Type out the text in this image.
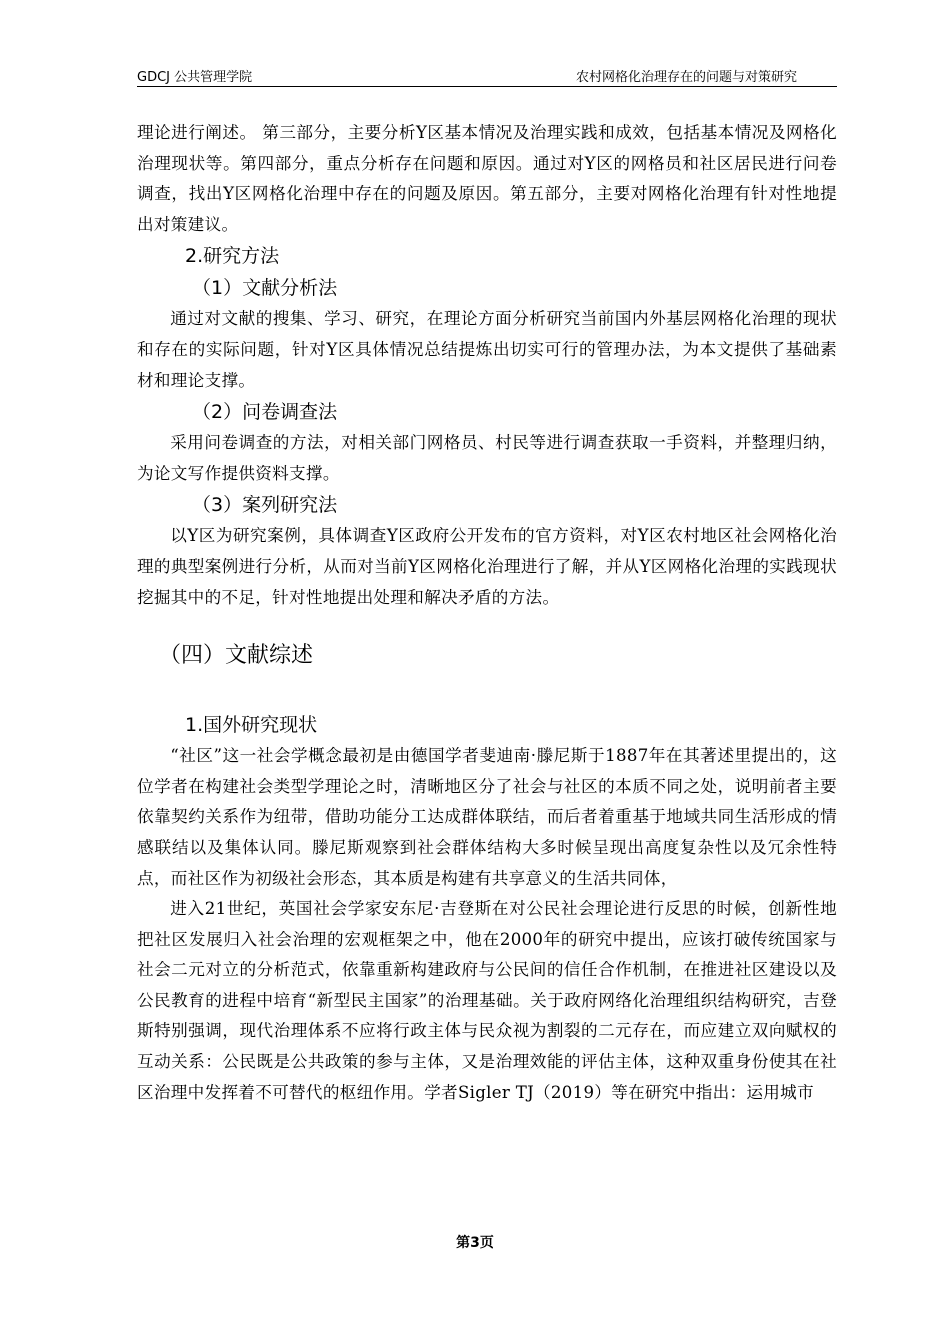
GDCJ 公共管理学院	农村网格化治理存在的问题与对策研究

理论进行阐述。 第三部分，主要分析Y区基本情况及治理实践和成效，包括基本情况及网格化治理现状等。第四部分，重点分析存在问题和原因。通过对Y区的网格员和社区居民进行问卷调查，找出Y区网格化治理中存在的问题及原因。第五部分，主要对网格化治理有针对性地提出对策建议。

2.研究方法

（1）文献分析法

通过对文献的搜集、学习、研究，在理论方面分析研究当前国内外基层网格化治理的现状和存在的实际问题，针对Y区具体情况总结提炼出切实可行的管理办法，为本文提供了基础素材和理论支撑。

（2）问卷调查法

采用问卷调查的方法，对相关部门网格员、村民等进行调查获取一手资料，并整理归纳，为论文写作提供资料支撑。

（3）案列研究法

以Y区为研究案例，具体调查Y区政府公开发布的官方资料，对Y区农村地区社会网格化治理的典型案例进行分析，从而对当前Y区网格化治理进行了解，并从Y区网格化治理的实践现状挖掘其中的不足，针对性地提出处理和解决矛盾的方法。

（四）文献综述

1.国外研究现状

“社区”这一社会学概念最初是由德国学者斐迪南·滕尼斯于1887年在其著述里提出的，这位学者在构建社会类型学理论之时，清晰地区分了社会与社区的本质不同之处，说明前者主要依靠契约关系作为纽带，借助功能分工达成群体联结，而后者着重基于地域共同生活形成的情感联结以及集体认同。滕尼斯观察到社会群体结构大多时候呈现出高度复杂性以及冗余性特点，而社区作为初级社会形态，其本质是构建有共享意义的生活共同体，

进入21世纪，英国社会学家安东尼·吉登斯在对公民社会理论进行反思的时候，创新性地把社区发展归入社会治理的宏观框架之中，他在2000年的研究中提出，应该打破传统国家与社会二元对立的分析范式，依靠重新构建政府与公民间的信任合作机制，在推进社区建设以及公民教育的进程中培育“新型民主国家”的治理基础。关于政府网络化治理组织结构研究，吉登斯特别强调，现代治理体系不应将行政主体与民众视为割裂的二元存在，而应建立双向赋权的互动关系：公民既是公共政策的参与主体，又是治理效能的评估主体，这种双重身份使其在社区治理中发挥着不可替代的枢纽作用。学者Sigler TJ（2019）等在研究中指出：运用城市

第3页
